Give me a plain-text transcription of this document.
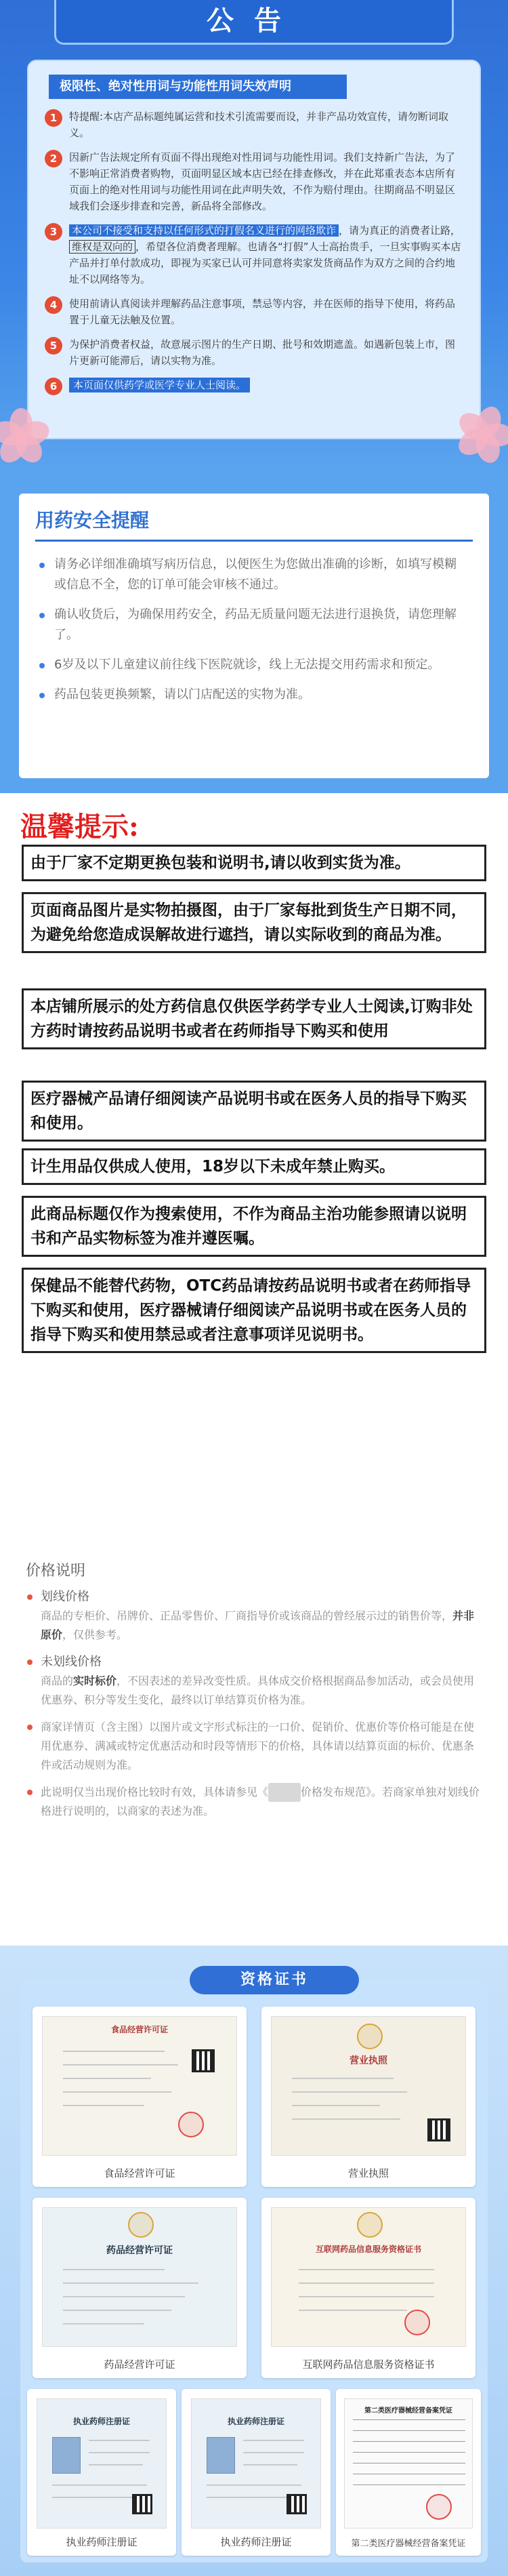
公告
极限性、绝对性用词与功能性用词失效声明
1	特提醒:本店产品标题纯属运营和技术引流需要而设，并非产品功效宣传，请勿断词取义。
2	因新广告法规定所有页面不得出现绝对性用词与功能性用词。我们支持新广告法，为了不影响正常消费者购物，页面明显区域本店已经在排查修改，并在此郑重表态本店所有页面上的绝对性用词与功能性用词在此声明失效，不作为赔付理由。往期商品不明显区域我们会逐步排查和完善，新品将全部修改。
3	本公司不接受和支持以任何形式的打假名义进行的网络欺诈 ，请为真正的消费者让路，维权是双向的 ，希望各位消费者理解。也请各“打假”人士高抬贵手，一旦实事购买本店产品并打单付款成功，即视为买家已认可并同意将卖家发货商品作为双方之间的合约地址不以网络等为。
4	使用前请认真阅读并理解药品注意事项，禁忌等内容，并在医师的指导下使用，将药品置于儿童无法触及位置。
5	为保护消费者权益，故意展示图片的生产日期、批号和效期遮盖。如遇新包装上市，图片更新可能滞后，请以实物为准。
6	本页面仅供药学或医学专业人士阅读。
用药安全提醒
请务必详细准确填写病历信息，以便医生为您做出准确的诊断，如填写模糊或信息不全，您的订单可能会审核不通过。
确认收货后，为确保用药安全，药品无质量问题无法进行退换货，请您理解了。
6岁及以下儿童建议前往线下医院就诊，线上无法提交用药需求和预定。
药品包装更换频繁，请以门店配送的实物为准。
温馨提示:
由于厂家不定期更换包装和说明书,请以收到实货为准。
页面商品图片是实物拍摄图，由于厂家每批到货生产日期不同，为避免给您造成误解故进行遮挡，请以实际收到的商品为准。
本店铺所展示的处方药信息仅供医学药学专业人士阅读,订购非处方药时请按药品说明书或者在药师指导下购买和使用
医疗器械产品请仔细阅读产品说明书或在医务人员的指导下购买和使用。
计生用品仅供成人使用，18岁以下未成年禁止购买。
此商品标题仅作为搜索使用，不作为商品主治功能参照请以说明书和产品实物标签为准并遵医嘱。
保健品不能替代药物，OTC药品请按药品说明书或者在药师指导下购买和使用，医疗器械请仔细阅读产品说明书或在医务人员的指导下购买和使用禁忌或者注意事项详见说明书。
价格说明
划线价格
商品的专柜价、吊牌价、正品零售价、厂商指导价或该商品的曾经展示过的销售价等，并非原价，仅供参考。
未划线价格
商品的实时标价，不因表述的差异改变性质。具体成交价格根据商品参加活动，或会员使用优惠券、积分等发生变化，最终以订单结算页价格为准。
商家详情页（含主图）以图片或文字形式标注的一口价、促销价、优惠价等价格可能是在使用优惠券、满减或特定优惠活动和时段等情形下的价格，具体请以结算页面的标价、优惠条件或活动规则为准。
此说明仅当出现价格比较时有效，具体请参见《淘宝网价格发布规范》。若商家单独对划线价格进行说明的，以商家的表述为准。
资格证书
食品经营许可证
食品经营许可证
营业执照
营业执照
药品经营许可证
药品经营许可证
互联网药品信息服务资格证书
互联网药品信息服务资格证书
执业药师注册证
执业药师注册证
执业药师注册证
执业药师注册证
第二类医疗器械经营备案凭证
第二类医疗器械经营备案凭证
